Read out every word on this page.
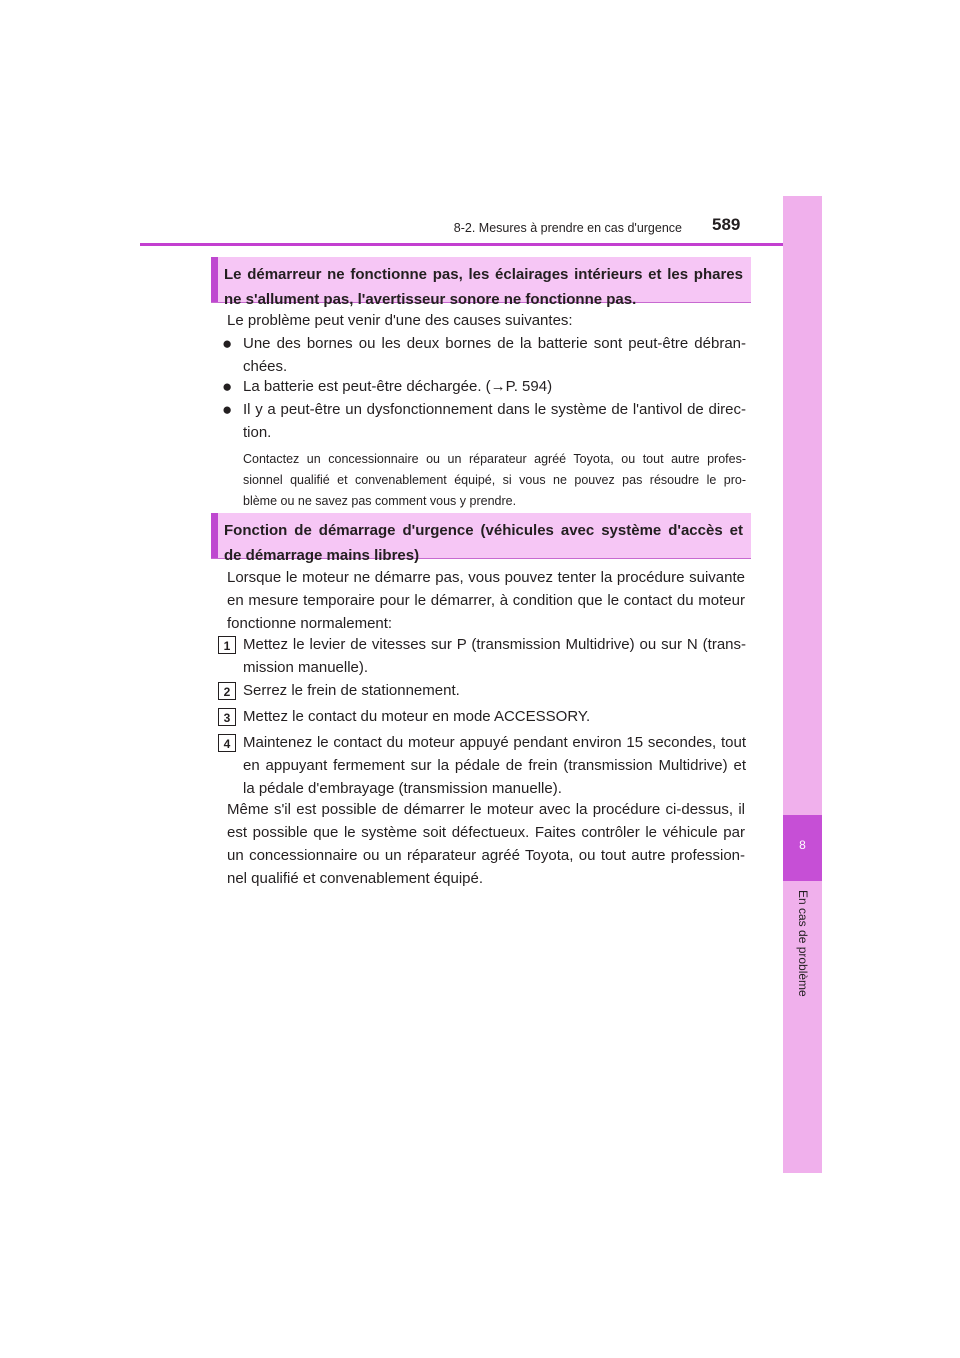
8-2. Mesures à prendre en cas d'urgence 589
8
En cas de problème
Le démarreur ne fonctionne pas, les éclairages intérieurs et les phares
ne s'allument pas, l'avertisseur sonore ne fonctionne pas.
Le problème peut venir d'une des causes suivantes:
● Une des bornes ou les deux bornes de la batterie sont peut-être débran-
chées.
● La batterie est peut-être déchargée. (→P. 594)
● Il y a peut-être un dysfonctionnement dans le système de l'antivol de direc-
tion.
Contactez un concessionnaire ou un réparateur agréé Toyota, ou tout autre profes-
sionnel qualifié et convenablement équipé, si vous ne pouvez pas résoudre le pro-
blème ou ne savez pas comment vous y prendre.
Fonction de démarrage d'urgence (véhicules avec système d'accès et
de démarrage mains libres)
Lorsque le moteur ne démarre pas, vous pouvez tenter la procédure suivante
en mesure temporaire pour le démarrer, à condition que le contact du moteur
fonctionne normalement:
1 Mettez le levier de vitesses sur P (transmission Multidrive) ou sur N (trans-
mission manuelle).
2 Serrez le frein de stationnement.
3 Mettez le contact du moteur en mode ACCESSORY.
4 Maintenez le contact du moteur appuyé pendant environ 15 secondes, tout
en appuyant fermement sur la pédale de frein (transmission Multidrive) et
la pédale d'embrayage (transmission manuelle).
Même s'il est possible de démarrer le moteur avec la procédure ci-dessus, il
est possible que le système soit défectueux. Faites contrôler le véhicule par
un concessionnaire ou un réparateur agréé Toyota, ou tout autre profession-
nel qualifié et convenablement équipé.
